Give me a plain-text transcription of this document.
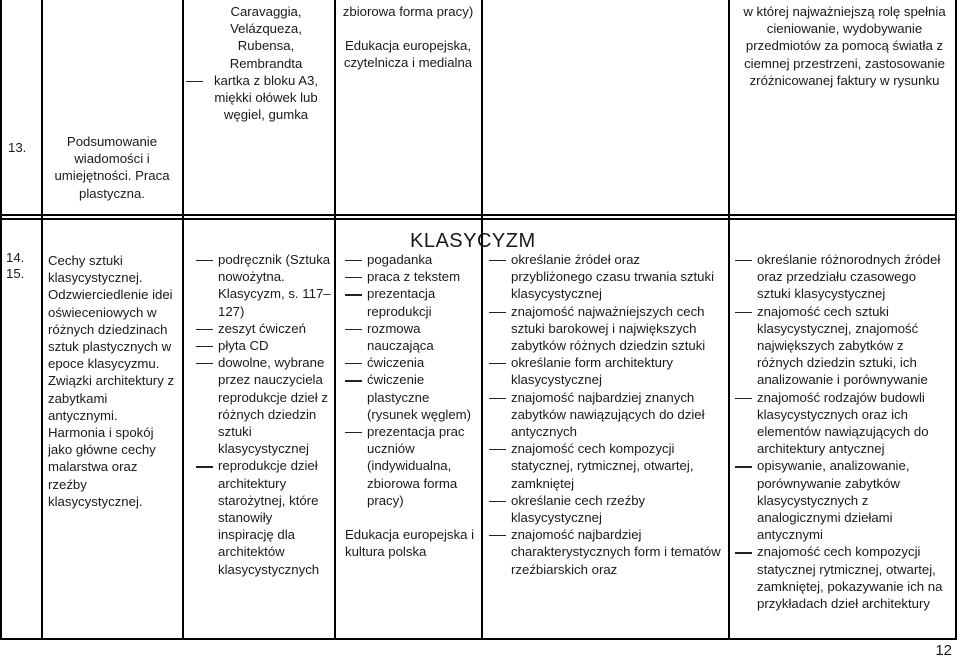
13.	Podsumowanie wiadomości i umiejętności. Praca plastyczna.
Caravaggia, Velázqueza, Rubensa, Rembrandta
kartka z bloku A3, miękki ołówek lub węgiel, gumka
zbiorowa forma pracy)
Edukacja europejska, czytelnicza i medialna
w której najważniejszą rolę spełnia cieniowanie, wydobywanie przedmiotów za pomocą światła z ciemnej przestrzeni, zastosowanie zróżnicowanej faktury w rysunku
KLASYCYZM
14.
15.
Cechy sztuki klasycystycznej. Odzwierciedlenie idei oświeceniowych w różnych dziedzinach sztuk plastycznych w epoce klasycyzmu. Związki architektury z zabytkami antycznymi. Harmonia i spokój jako główne cechy malarstwa oraz rzeźby klasycystycznej.
podręcznik (Sztuka nowożytna. Klasycyzm, s. 117–127)
zeszyt ćwiczeń
płyta CD
dowolne, wybrane przez nauczyciela reprodukcje dzieł z różnych dziedzin sztuki klasycystycznej
reprodukcje dzieł architektury starożytnej, które stanowiły inspirację dla architektów klasycystycznych
pogadanka
praca z tekstem
prezentacja reprodukcji
rozmowa nauczająca
ćwiczenia
ćwiczenie plastyczne (rysunek węglem)
prezentacja prac uczniów (indywidualna, zbiorowa forma pracy)
Edukacja europejska i kultura polska
określanie źródeł oraz przybliżonego czasu trwania sztuki klasycystycznej
znajomość najważniejszych cech sztuki barokowej i największych zabytków różnych dziedzin sztuki
określanie form architektury klasycystycznej
znajomość najbardziej znanych zabytków nawiązujących do dzieł antycznych
znajomość cech kompozycji statycznej, rytmicznej, otwartej, zamkniętej
określanie cech rzeźby klasycystycznej
znajomość najbardziej charakterystycznych form i tematów rzeźbiarskich oraz
określanie różnorodnych źródeł oraz przedziału czasowego sztuki klasycystycznej
znajomość cech sztuki klasycystycznej, znajomość największych zabytków z różnych dziedzin sztuki, ich analizowanie i porównywanie
znajomość rodzajów budowli klasycystycznych oraz ich elementów nawiązujących do architektury antycznej
opisywanie, analizowanie, porównywanie zabytków klasycystycznych z analogicznymi dziełami antycznymi
znajomość cech kompozycji statycznej rytmicznej, otwartej, zamkniętej, pokazywanie ich na przykładach dzieł architektury
12
